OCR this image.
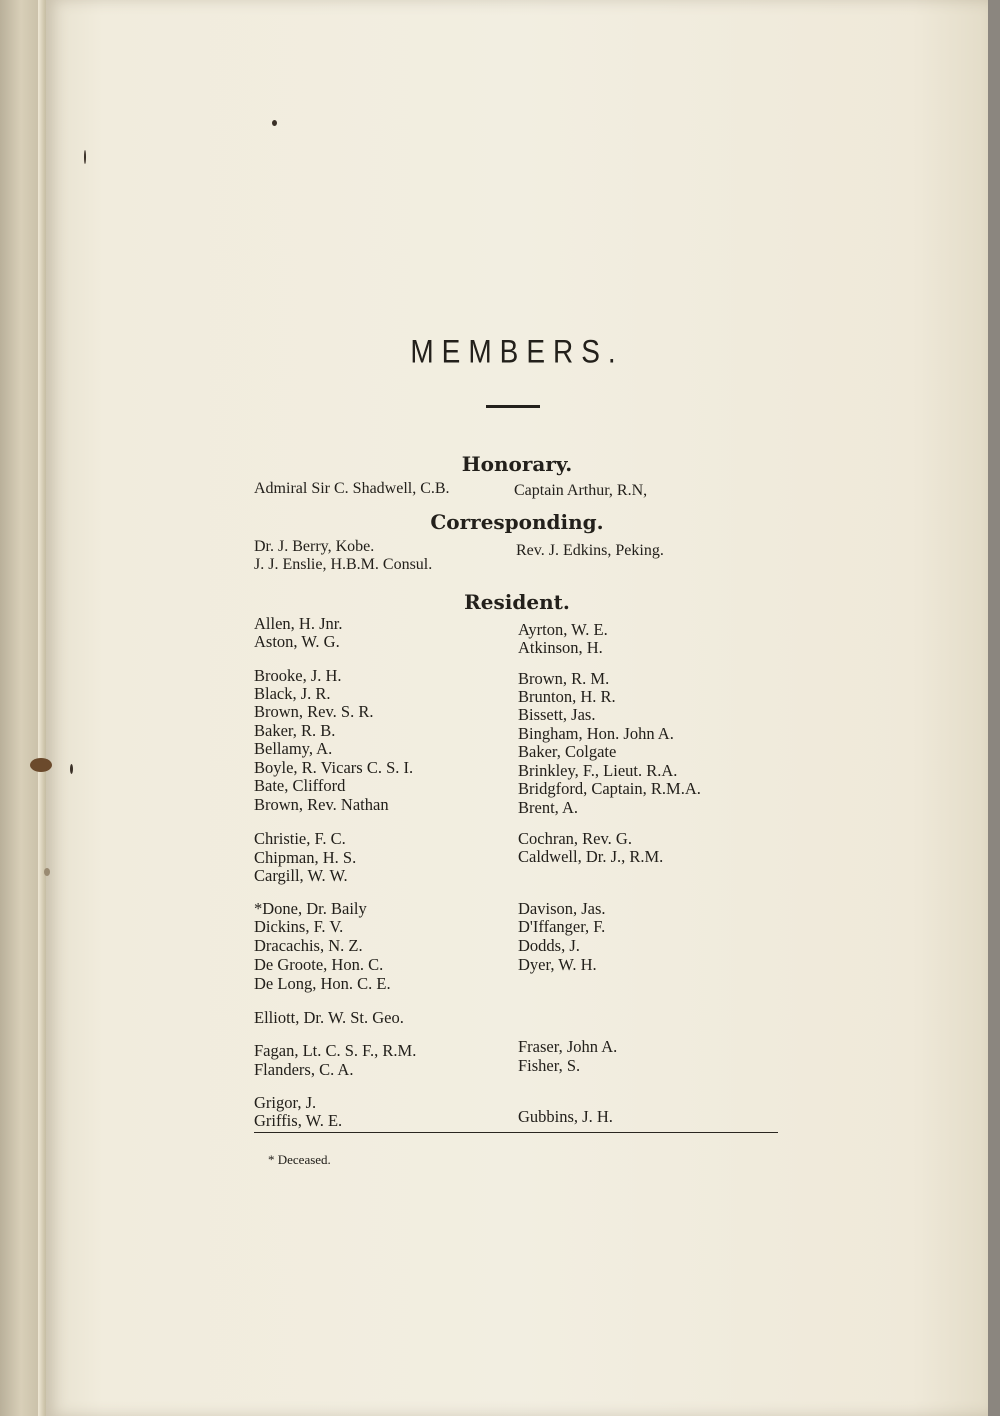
MEMBERS.
Honorary.
Admiral Sir C. Shadwell, C.B.	Captain Arthur, R.N,
Corresponding.
Dr. J. Berry, Kobe.
J. J. Enslie, H.B.M. Consul.
Rev. J. Edkins, Peking.
Resident.
Allen, H. Jnr.
Aston, W. G.
Ayrton, W. E.
Atkinson, H.
Brooke, J. H.
Black, J. R.
Brown, Rev. S. R.
Baker, R. B.
Bellamy, A.
Boyle, R. Vicars C. S. I.
Bate, Clifford
Brown, Rev. Nathan
Brown, R. M.
Brunton, H. R.
Bissett, Jas.
Bingham, Hon. John A.
Baker, Colgate
Brinkley, F., Lieut. R.A.
Bridgford, Captain, R.M.A.
Brent, A.
Christie, F. C.
Chipman, H. S.
Cargill, W. W.
Cochran, Rev. G.
Caldwell, Dr. J., R.M.
*Done, Dr. Baily
Dickins, F. V.
Dracachis, N. Z.
De Groote, Hon. C.
De Long, Hon. C. E.
Davison, Jas.
D'Iffanger, F.
Dodds, J.
Dyer, W. H.
Elliott, Dr. W. St. Geo.
Fagan, Lt. C. S. F., R.M.
Flanders, C. A.
Fraser, John A.
Fisher, S.
Grigor, J.
Griffis, W. E.	Gubbins, J. H.
* Deceased.
